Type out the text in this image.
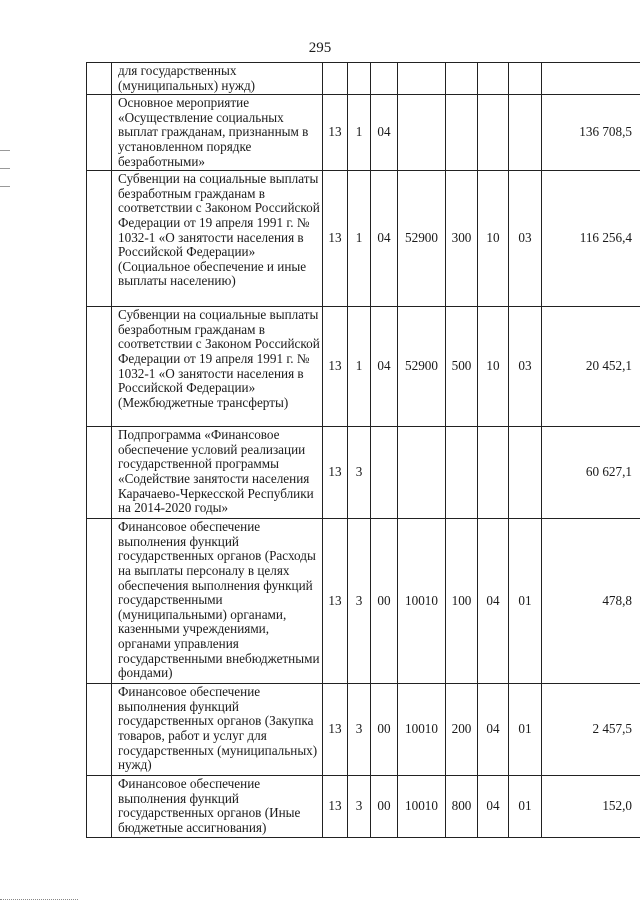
295
	для государственных (муниципальных) нужд)								
	Основное мероприятие «Осуществление социальных выплат гражданам, признанным в установленном порядке безработными»	13	1	04					136 708,5
	Субвенции на социальные выплаты безработным гражданам в соответствии с Законом Российской Федерации от 19 апреля 1991 г. № 1032-1 «О занятости населения в Российской Федерации» (Социальное обеспечение и иные выплаты населению)	13	1	04	52900	300	10	03	116 256,4
	Субвенции на социальные выплаты безработным гражданам в соответствии с Законом Российской Федерации от 19 апреля 1991 г. № 1032-1 «О занятости населения в Российской Федерации» (Межбюджетные трансферты)	13	1	04	52900	500	10	03	20 452,1
	Подпрограмма «Финансовое обеспечение условий реализации государственной программы «Содействие занятости населения Карачаево-Черкесской Республики на 2014-2020 годы»	13	3						60 627,1
	Финансовое обеспечение выполнения функций государственных органов (Расходы на выплаты персоналу в целях обеспечения выполнения функций государственными (муниципальными) органами, казенными учреждениями, органами управления государственными внебюджетными фондами)	13	3	00	10010	100	04	01	478,8
	Финансовое обеспечение выполнения функций государственных органов (Закупка товаров, работ и услуг для государственных (муниципальных) нужд)	13	3	00	10010	200	04	01	2 457,5
	Финансовое обеспечение выполнения функций государственных органов (Иные бюджетные ассигнования)	13	3	00	10010	800	04	01	152,0
